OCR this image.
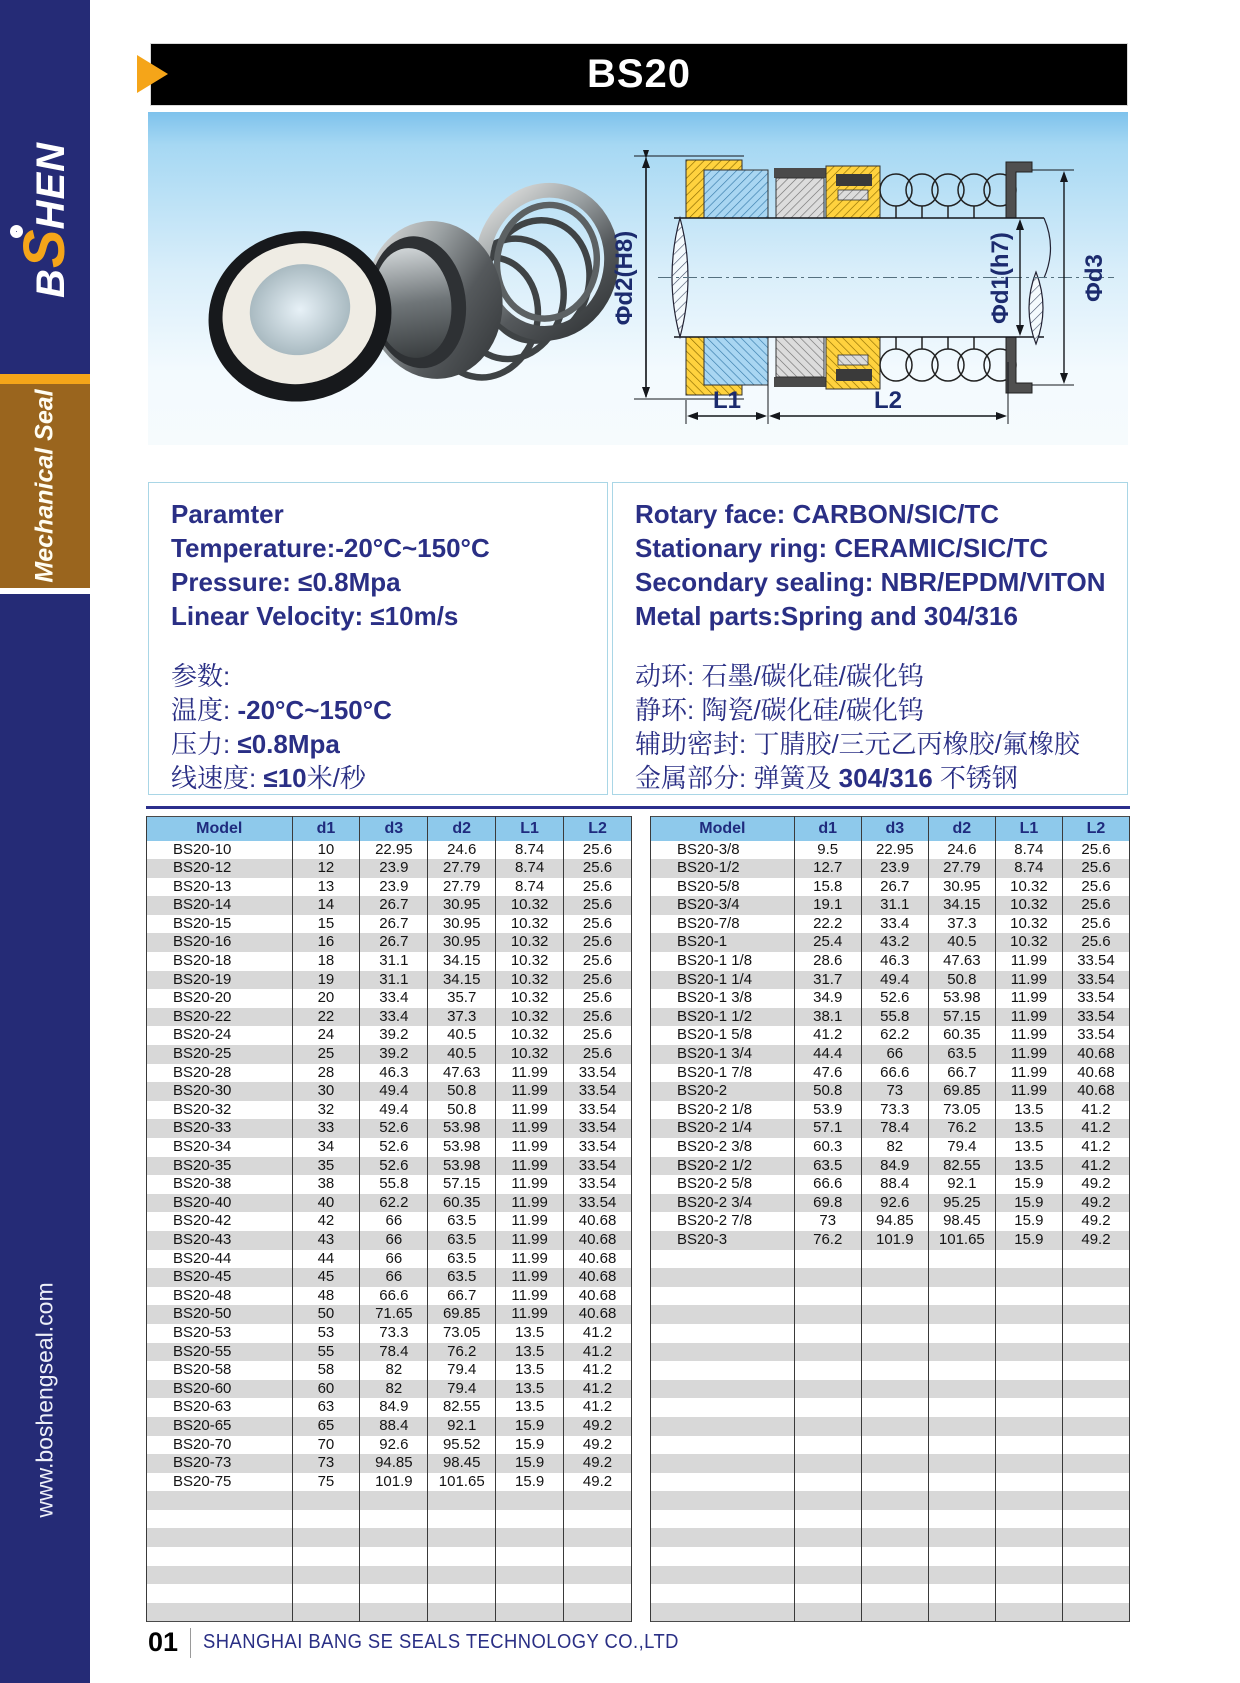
BS
HEN
Mechanical Seal
www.boshengseal.com
BS20
Φd2(H8)	Φd1(h7)	Φd3
L1	L2
Paramter
Temperature:-20°C~150°C
Pressure: ≤0.8Mpa
Linear Velocity: ≤10m/s
参数:
温度: -20°C~150°C
压力: ≤0.8Mpa
线速度: ≤10米/秒
Rotary face: CARBON/SIC/TC
Stationary ring: CERAMIC/SIC/TC
Secondary sealing: NBR/EPDM/VITON
Metal parts:Spring and 304/316
动环: 石墨/碳化硅/碳化钨
静环: 陶瓷/碳化硅/碳化钨
辅助密封: 丁腈胶/三元乙丙橡胶/氟橡胶
金属部分: 弹簧及 304/316 不锈钢
Model	d1	d3	d2	L1	L2
BS20-10	10	22.95	24.6	8.74	25.6
BS20-12	12	23.9	27.79	8.74	25.6
BS20-13	13	23.9	27.79	8.74	25.6
BS20-14	14	26.7	30.95	10.32	25.6
BS20-15	15	26.7	30.95	10.32	25.6
BS20-16	16	26.7	30.95	10.32	25.6
BS20-18	18	31.1	34.15	10.32	25.6
BS20-19	19	31.1	34.15	10.32	25.6
BS20-20	20	33.4	35.7	10.32	25.6
BS20-22	22	33.4	37.3	10.32	25.6
BS20-24	24	39.2	40.5	10.32	25.6
BS20-25	25	39.2	40.5	10.32	25.6
BS20-28	28	46.3	47.63	11.99	33.54
BS20-30	30	49.4	50.8	11.99	33.54
BS20-32	32	49.4	50.8	11.99	33.54
BS20-33	33	52.6	53.98	11.99	33.54
BS20-34	34	52.6	53.98	11.99	33.54
BS20-35	35	52.6	53.98	11.99	33.54
BS20-38	38	55.8	57.15	11.99	33.54
BS20-40	40	62.2	60.35	11.99	33.54
BS20-42	42	66	63.5	11.99	40.68
BS20-43	43	66	63.5	11.99	40.68
BS20-44	44	66	63.5	11.99	40.68
BS20-45	45	66	63.5	11.99	40.68
BS20-48	48	66.6	66.7	11.99	40.68
BS20-50	50	71.65	69.85	11.99	40.68
BS20-53	53	73.3	73.05	13.5	41.2
BS20-55	55	78.4	76.2	13.5	41.2
BS20-58	58	82	79.4	13.5	41.2
BS20-60	60	82	79.4	13.5	41.2
BS20-63	63	84.9	82.55	13.5	41.2
BS20-65	65	88.4	92.1	15.9	49.2
BS20-70	70	92.6	95.52	15.9	49.2
BS20-73	73	94.85	98.45	15.9	49.2
BS20-75	75	101.9	101.65	15.9	49.2

Model	d1	d3	d2	L1	L2
BS20-3/8	9.5	22.95	24.6	8.74	25.6
BS20-1/2	12.7	23.9	27.79	8.74	25.6
BS20-5/8	15.8	26.7	30.95	10.32	25.6
BS20-3/4	19.1	31.1	34.15	10.32	25.6
BS20-7/8	22.2	33.4	37.3	10.32	25.6
BS20-1	25.4	43.2	40.5	10.32	25.6
BS20-1 1/8	28.6	46.3	47.63	11.99	33.54
BS20-1 1/4	31.7	49.4	50.8	11.99	33.54
BS20-1 3/8	34.9	52.6	53.98	11.99	33.54
BS20-1 1/2	38.1	55.8	57.15	11.99	33.54
BS20-1 5/8	41.2	62.2	60.35	11.99	33.54
BS20-1 3/4	44.4	66	63.5	11.99	40.68
BS20-1 7/8	47.6	66.6	66.7	11.99	40.68
BS20-2	50.8	73	69.85	11.99	40.68
BS20-2 1/8	53.9	73.3	73.05	13.5	41.2
BS20-2 1/4	57.1	78.4	76.2	13.5	41.2
BS20-2 3/8	60.3	82	79.4	13.5	41.2
BS20-2 1/2	63.5	84.9	82.55	13.5	41.2
BS20-2 5/8	66.6	88.4	92.1	15.9	49.2
BS20-2 3/4	69.8	92.6	95.25	15.9	49.2
BS20-2 7/8	73	94.85	98.45	15.9	49.2
BS20-3	76.2	101.9	101.65	15.9	49.2

01 SHANGHAI BANG SE SEALS TECHNOLOGY CO.,LTD
